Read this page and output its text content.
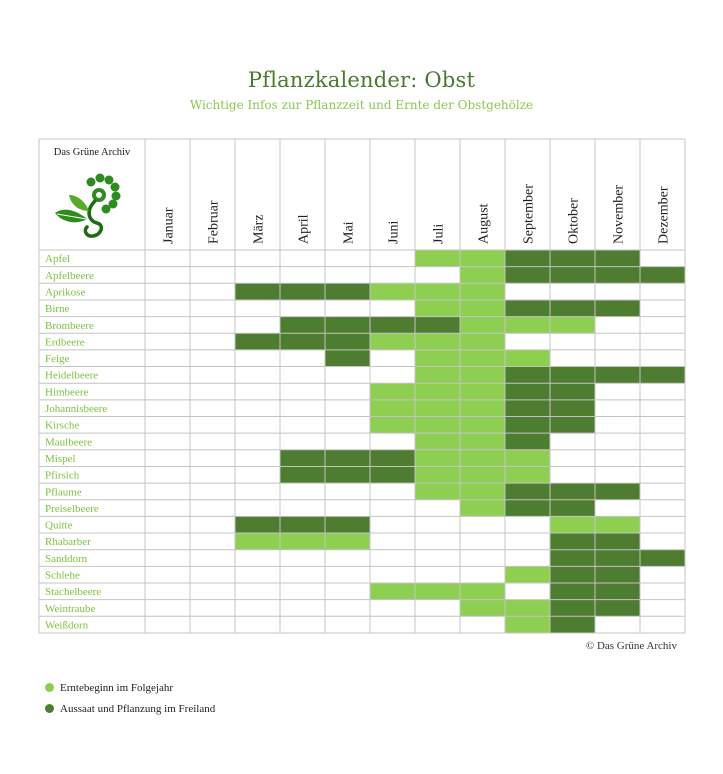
Pflanzkalender: Obst
Wichtige Infos zur Pflanzzeit und Ernte der Obstgehölze
Januar Februar März April Mai Juni Juli August September Oktober November Dezember
Apfel
Apfelbeere
Aprikose
Birne
Brombeere
Erdbeere
Feige
Heidelbeere
Himbeere
Johannisbeere
Kirsche
Maulbeere
Mispel
Pfirsich
Pflaume
Preiselbeere
Quitte
Rhabarber
Sanddorn
Schlehe
Stachelbeere
Weintraube
Weißdorn
Das Grüne Archiv
© Das Grüne Archiv
Erntebeginn im Folgejahr
Aussaat und Pflanzung im Freiland
